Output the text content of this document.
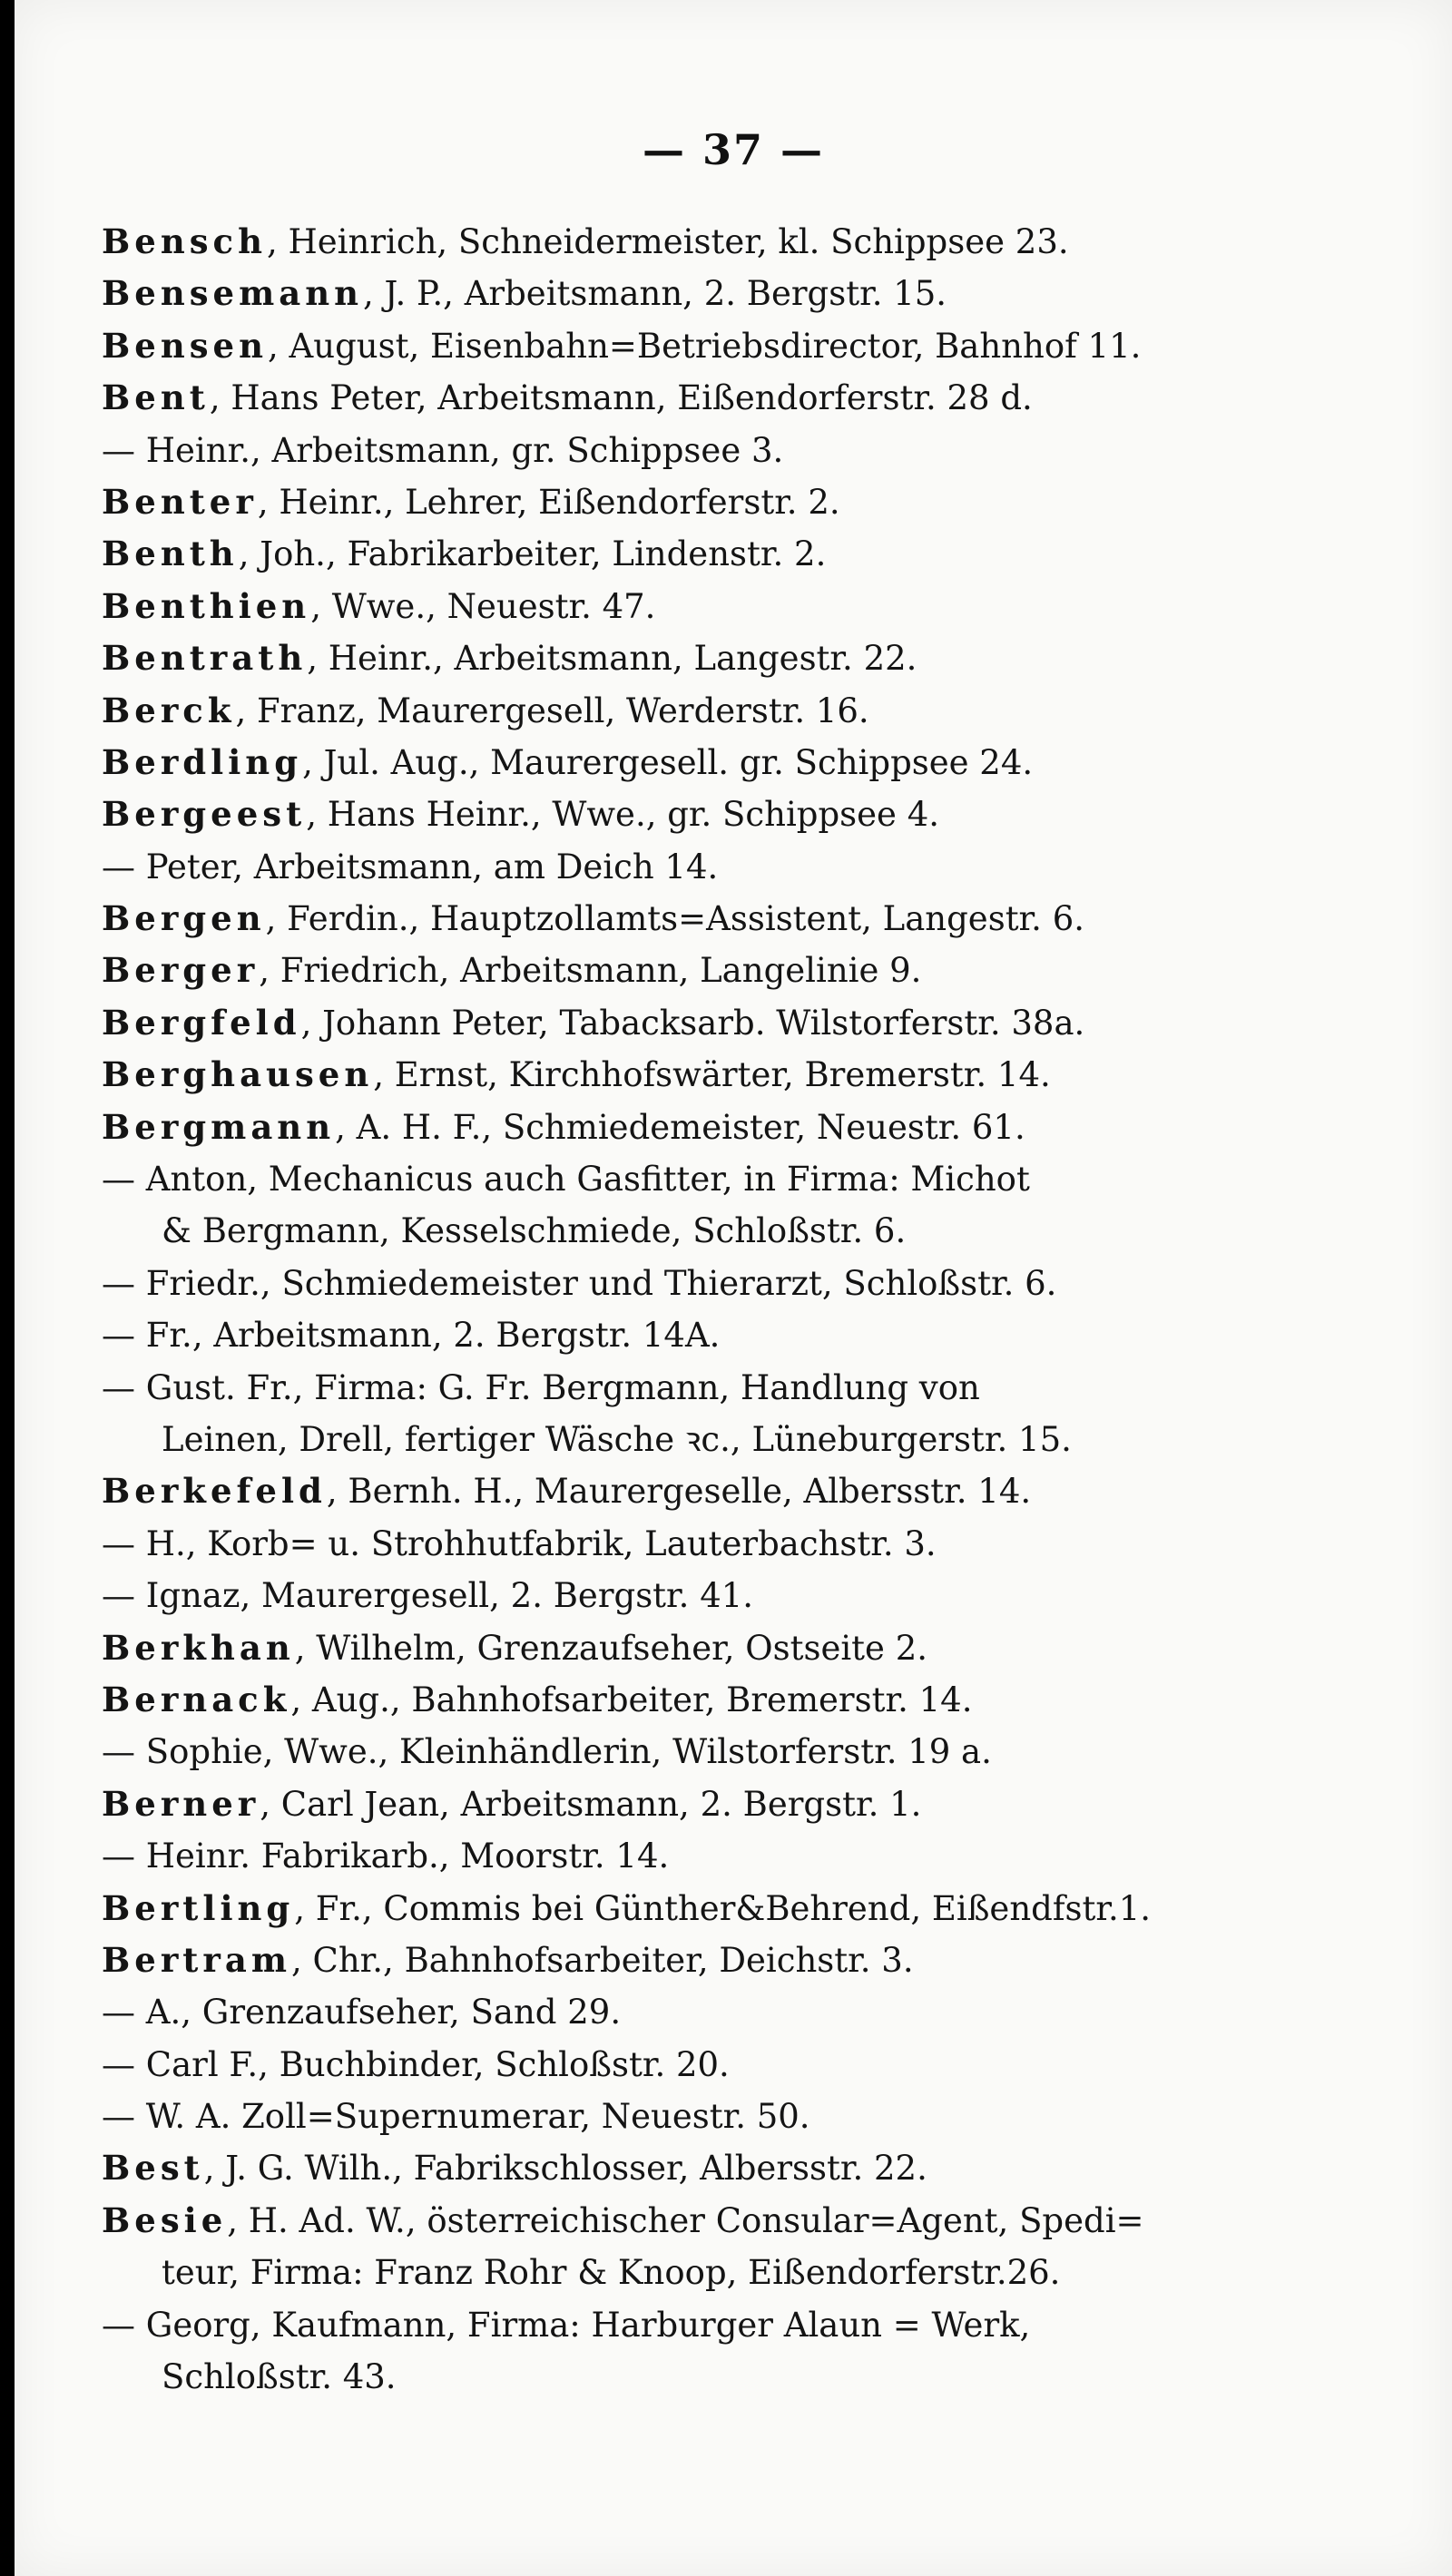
— 37 —
Bensch, Heinrich, Schneidermeister, kl. Schippsee 23.
Bensemann, J. P., Arbeitsmann, 2. Bergstr. 15.
Bensen, August, Eisenbahn=Betriebsdirector, Bahnhof 11.
Bent, Hans Peter, Arbeitsmann, Eißendorferstr. 28 d.
— Heinr., Arbeitsmann, gr. Schippsee 3.
Benter, Heinr., Lehrer, Eißendorferstr. 2.
Benth, Joh., Fabrikarbeiter, Lindenstr. 2.
Benthien, Wwe., Neuestr. 47.
Bentrath, Heinr., Arbeitsmann, Langestr. 22.
Berck, Franz, Maurergesell, Werderstr. 16.
Berdling, Jul. Aug., Maurergesell. gr. Schippsee 24.
Bergeest, Hans Heinr., Wwe., gr. Schippsee 4.
— Peter, Arbeitsmann, am Deich 14.
Bergen, Ferdin., Hauptzollamts=Assistent, Langestr. 6.
Berger, Friedrich, Arbeitsmann, Langelinie 9.
Bergfeld, Johann Peter, Tabacksarb. Wilstorferstr. 38a.
Berghausen, Ernst, Kirchhofswärter, Bremerstr. 14.
Bergmann, A. H. F., Schmiedemeister, Neuestr. 61.
— Anton, Mechanicus auch Gasfitter, in Firma: Michot
& Bergmann, Kesselschmiede, Schloßstr. 6.
— Friedr., Schmiedemeister und Thierarzt, Schloßstr. 6.
— Fr., Arbeitsmann, 2. Bergstr. 14A.
— Gust. Fr., Firma: G. Fr. Bergmann, Handlung von
Leinen, Drell, fertiger Wäsche ꝛc., Lüneburgerstr. 15.
Berkefeld, Bernh. H., Maurergeselle, Albersstr. 14.
— H., Korb= u. Strohhutfabrik, Lauterbachstr. 3.
— Ignaz, Maurergesell, 2. Bergstr. 41.
Berkhan, Wilhelm, Grenzaufseher, Ostseite 2.
Bernack, Aug., Bahnhofsarbeiter, Bremerstr. 14.
— Sophie, Wwe., Kleinhändlerin, Wilstorferstr. 19 a.
Berner, Carl Jean, Arbeitsmann, 2. Bergstr. 1.
— Heinr. Fabrikarb., Moorstr. 14.
Bertling, Fr., Commis bei Günther&Behrend, Eißendfstr.1.
Bertram, Chr., Bahnhofsarbeiter, Deichstr. 3.
— A., Grenzaufseher, Sand 29.
— Carl F., Buchbinder, Schloßstr. 20.
— W. A. Zoll=Supernumerar, Neuestr. 50.
Best, J. G. Wilh., Fabrikschlosser, Albersstr. 22.
Besie, H. Ad. W., österreichischer Consular=Agent, Spedi=
teur, Firma: Franz Rohr & Knoop, Eißendorferstr.26.
— Georg, Kaufmann, Firma: Harburger Alaun = Werk,
Schloßstr. 43.
